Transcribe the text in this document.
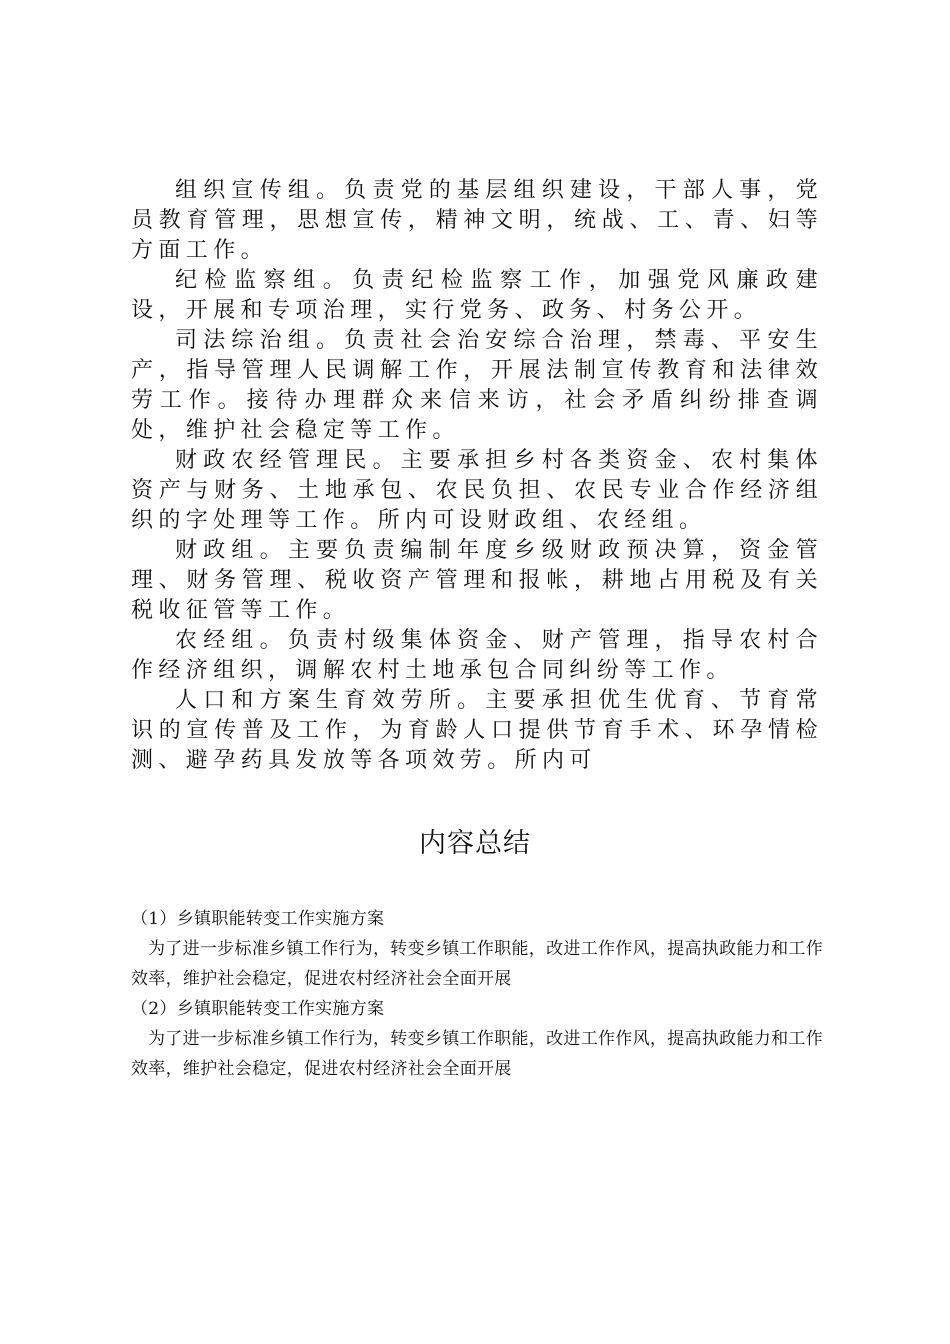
组织宣传组。负责党的基层组织建设，干部人事，党员教育管理，思想宣传，精神文明，统战、工、青、妇等方面工作。

纪检监察组。负责纪检监察工作，加强党风廉政建设，开展和专项治理，实行党务、政务、村务公开。

司法综治组。负责社会治安综合治理，禁毒、平安生产，指导管理人民调解工作，开展法制宣传教育和法律效劳工作。接待办理群众来信来访，社会矛盾纠纷排查调处，维护社会稳定等工作。

财政农经管理民。主要承担乡村各类资金、农村集体资产与财务、土地承包、农民负担、农民专业合作经济组织的字处理等工作。所内可设财政组、农经组。

财政组。主要负责编制年度乡级财政预决算，资金管理、财务管理、税收资产管理和报帐，耕地占用税及有关税收征管等工作。

农经组。负责村级集体资金、财产管理，指导农村合作经济组织，调解农村土地承包合同纠纷等工作。

人口和方案生育效劳所。主要承担优生优育、节育常识的宣传普及工作，为育龄人口提供节育手术、环孕情检测、避孕药具发放等各项效劳。所内可

内容总结

（1）乡镇职能转变工作实施方案

为了进一步标准乡镇工作行为，转变乡镇工作职能，改进工作作风，提高执政能力和工作效率，维护社会稳定，促进农村经济社会全面开展

（2）乡镇职能转变工作实施方案

为了进一步标准乡镇工作行为，转变乡镇工作职能，改进工作作风，提高执政能力和工作效率，维护社会稳定，促进农村经济社会全面开展
